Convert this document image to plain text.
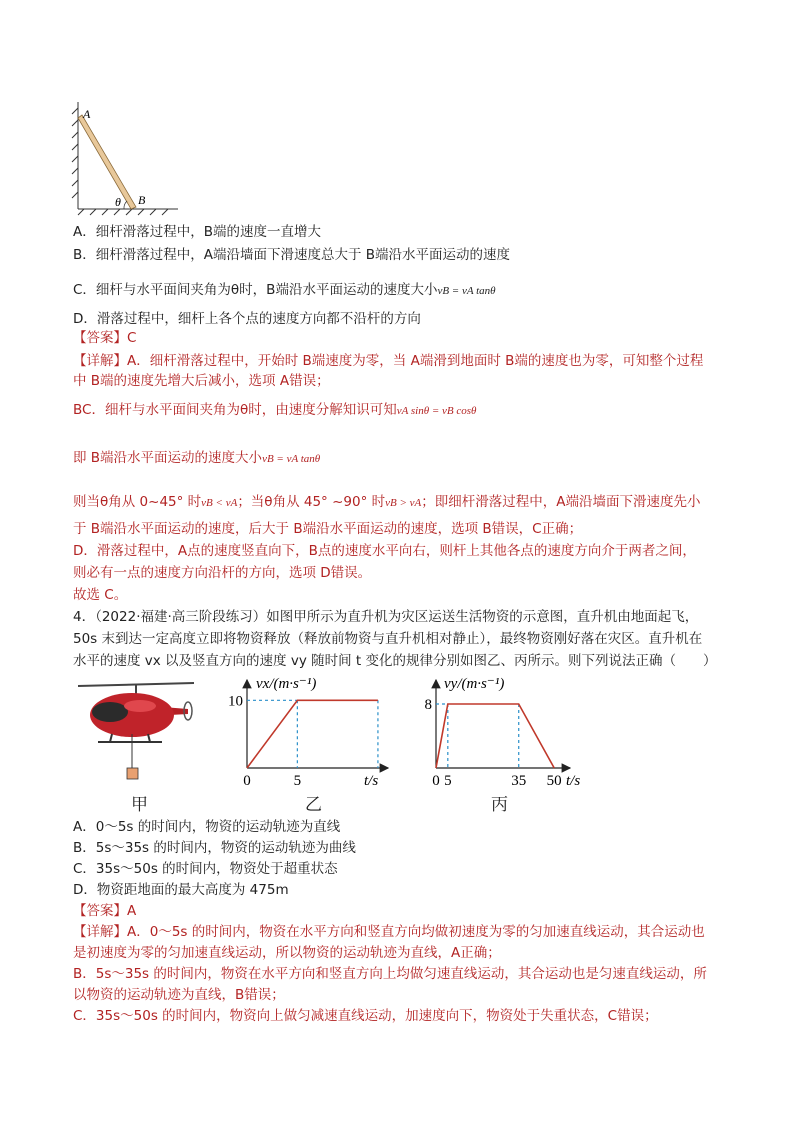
A
B
θ
A．细杆滑落过程中，B端的速度一直增大
B．细杆滑落过程中，A端沿墙面下滑速度总大于 B端沿水平面运动的速度
C．细杆与水平面间夹角为θ时，B端沿水平面运动的速度大小vB = vA tanθ
D．滑落过程中，细杆上各个点的速度方向都不沿杆的方向
【答案】C
【详解】A．细杆滑落过程中，开始时 B端速度为零，当 A端滑到地面时 B端的速度也为零，可知整个过程
中 B端的速度先增大后减小，选项 A错误；
BC．细杆与水平面间夹角为θ时，由速度分解知识可知vA sinθ = vB cosθ
即 B端沿水平面运动的速度大小vB = vA tanθ
则当θ角从 0~45° 时vB < vA；当θ角从 45° ~90° 时vB > vA；即细杆滑落过程中，A端沿墙面下滑速度先小
于 B端沿水平面运动的速度，后大于 B端沿水平面运动的速度，选项 B错误，C正确；
D．滑落过程中，A点的速度竖直向下，B点的速度水平向右，则杆上其他各点的速度方向介于两者之间，
则必有一点的速度方向沿杆的方向，选项 D错误。
故选 C。
4．（2022·福建·高三阶段练习）如图甲所示为直升机为灾区运送生活物资的示意图，直升机由地面起飞，
50s 末到达一定高度立即将物资释放（释放前物资与直升机相对静止），最终物资刚好落在灾区。直升机在
水平的速度 vx 以及竖直方向的速度 vy 随时间 t 变化的规律分别如图乙、丙所示。则下列说法正确（　　）
甲
0	5
10
vx/(m·s⁻¹)
t/s
乙
0 5	35 50
8
vy/(m·s⁻¹)
t/s
丙
A．0～5s 的时间内，物资的运动轨迹为直线
B．5s～35s 的时间内，物资的运动轨迹为曲线
C．35s～50s 的时间内，物资处于超重状态
D．物资距地面的最大高度为 475m
【答案】A
【详解】A．0～5s 的时间内，物资在水平方向和竖直方向均做初速度为零的匀加速直线运动，其合运动也
是初速度为零的匀加速直线运动，所以物资的运动轨迹为直线，A正确；
B．5s～35s 的时间内，物资在水平方向和竖直方向上均做匀速直线运动，其合运动也是匀速直线运动，所
以物资的运动轨迹为直线，B错误；
C．35s～50s 的时间内，物资向上做匀减速直线运动，加速度向下，物资处于失重状态，C错误；
